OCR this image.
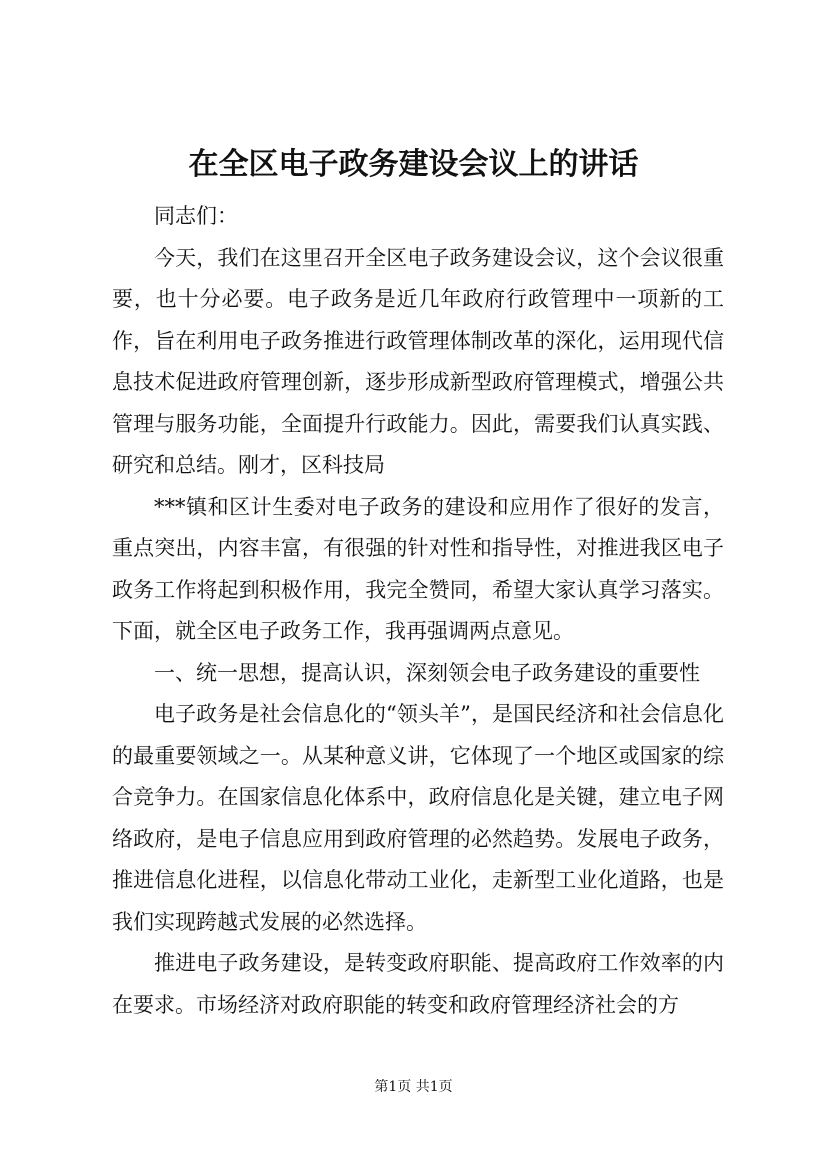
在全区电子政务建设会议上的讲话

同志们：

今天，我们在这里召开全区电子政务建设会议，这个会议很重要，也十分必要。电子政务是近几年政府行政管理中一项新的工作，旨在利用电子政务推进行政管理体制改革的深化，运用现代信息技术促进政府管理创新，逐步形成新型政府管理模式，增强公共管理与服务功能，全面提升行政能力。因此，需要我们认真实践、研究和总结。刚才，区科技局

***镇和区计生委对电子政务的建设和应用作了很好的发言，重点突出，内容丰富，有很强的针对性和指导性，对推进我区电子政务工作将起到积极作用，我完全赞同，希望大家认真学习落实。下面，就全区电子政务工作，我再强调两点意见。

一、统一思想，提高认识，深刻领会电子政务建设的重要性

电子政务是社会信息化的“领头羊”，是国民经济和社会信息化的最重要领域之一。从某种意义讲，它体现了一个地区或国家的综合竞争力。在国家信息化体系中，政府信息化是关键，建立电子网络政府，是电子信息应用到政府管理的必然趋势。发展电子政务，推进信息化进程，以信息化带动工业化，走新型工业化道路，也是我们实现跨越式发展的必然选择。

推进电子政务建设，是转变政府职能、提高政府工作效率的内在要求。市场经济对政府职能的转变和政府管理经济社会的方

第1页 共1页
